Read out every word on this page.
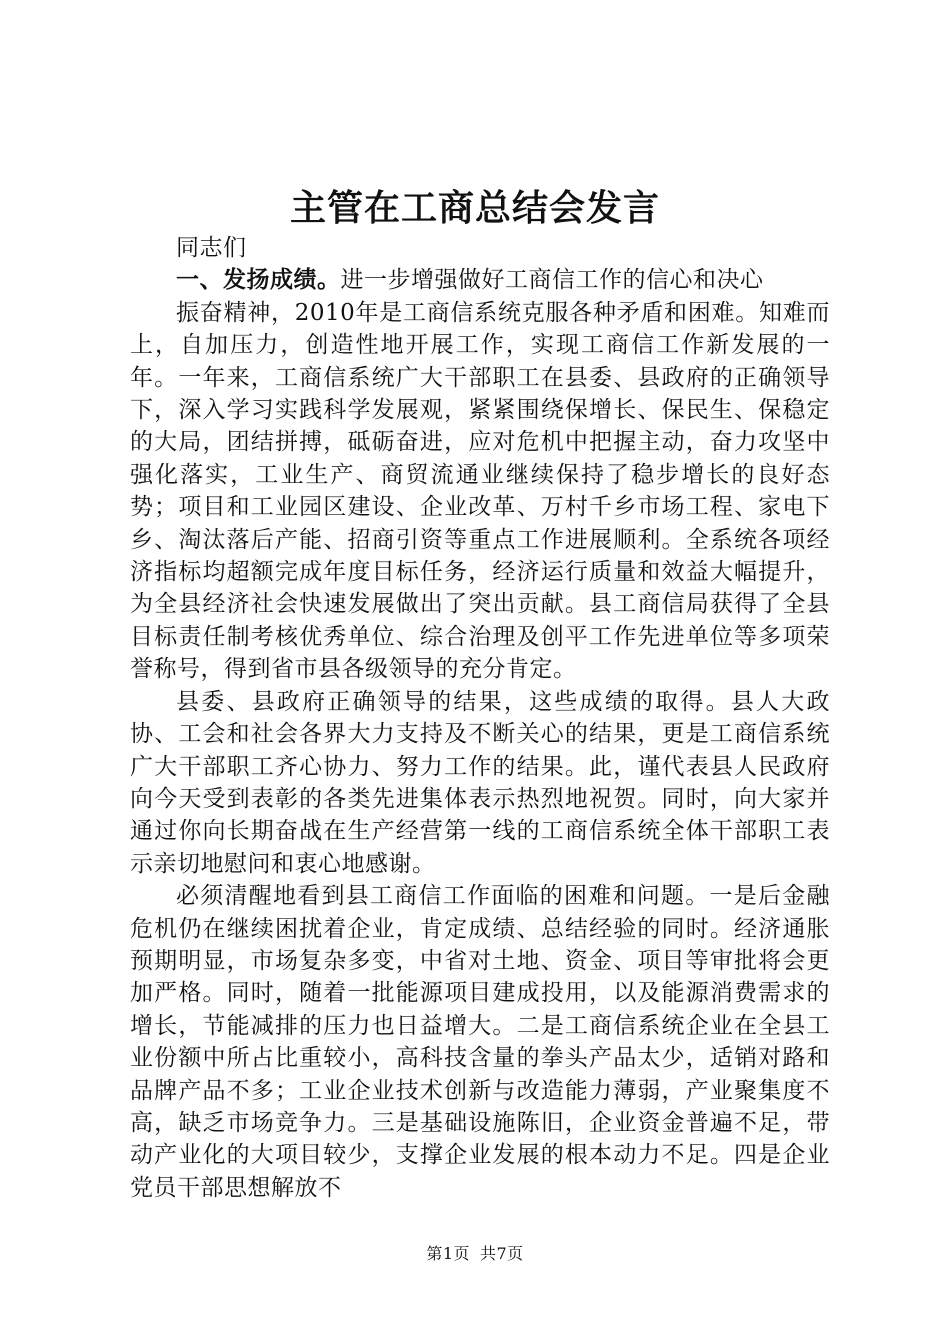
主管在工商总结会发言

同志们

一、发扬成绩。进一步增强做好工商信工作的信心和决心

振奋精神，2010年是工商信系统克服各种矛盾和困难。知难而上，自加压力，创造性地开展工作，实现工商信工作新发展的一年。一年来，工商信系统广大干部职工在县委、县政府的正确领导下，深入学习实践科学发展观，紧紧围绕保增长、保民生、保稳定的大局，团结拼搏，砥砺奋进，应对危机中把握主动，奋力攻坚中强化落实，工业生产、商贸流通业继续保持了稳步增长的良好态势；项目和工业园区建设、企业改革、万村千乡市场工程、家电下乡、淘汰落后产能、招商引资等重点工作进展顺利。全系统各项经济指标均超额完成年度目标任务，经济运行质量和效益大幅提升，为全县经济社会快速发展做出了突出贡献。县工商信局获得了全县目标责任制考核优秀单位、综合治理及创平工作先进单位等多项荣誉称号，得到省市县各级领导的充分肯定。

县委、县政府正确领导的结果，这些成绩的取得。县人大政协、工会和社会各界大力支持及不断关心的结果，更是工商信系统广大干部职工齐心协力、努力工作的结果。此，谨代表县人民政府向今天受到表彰的各类先进集体表示热烈地祝贺。同时，向大家并通过你向长期奋战在生产经营第一线的工商信系统全体干部职工表示亲切地慰问和衷心地感谢。

必须清醒地看到县工商信工作面临的困难和问题。一是后金融危机仍在继续困扰着企业，肯定成绩、总结经验的同时。经济通胀预期明显，市场复杂多变，中省对土地、资金、项目等审批将会更加严格。同时，随着一批能源项目建成投用，以及能源消费需求的增长，节能减排的压力也日益增大。二是工商信系统企业在全县工业份额中所占比重较小，高科技含量的拳头产品太少，适销对路和品牌产品不多；工业企业技术创新与改造能力薄弱，产业聚集度不高，缺乏市场竞争力。三是基础设施陈旧，企业资金普遍不足，带动产业化的大项目较少，支撑企业发展的根本动力不足。四是企业党员干部思想解放不

第1页 共7页
